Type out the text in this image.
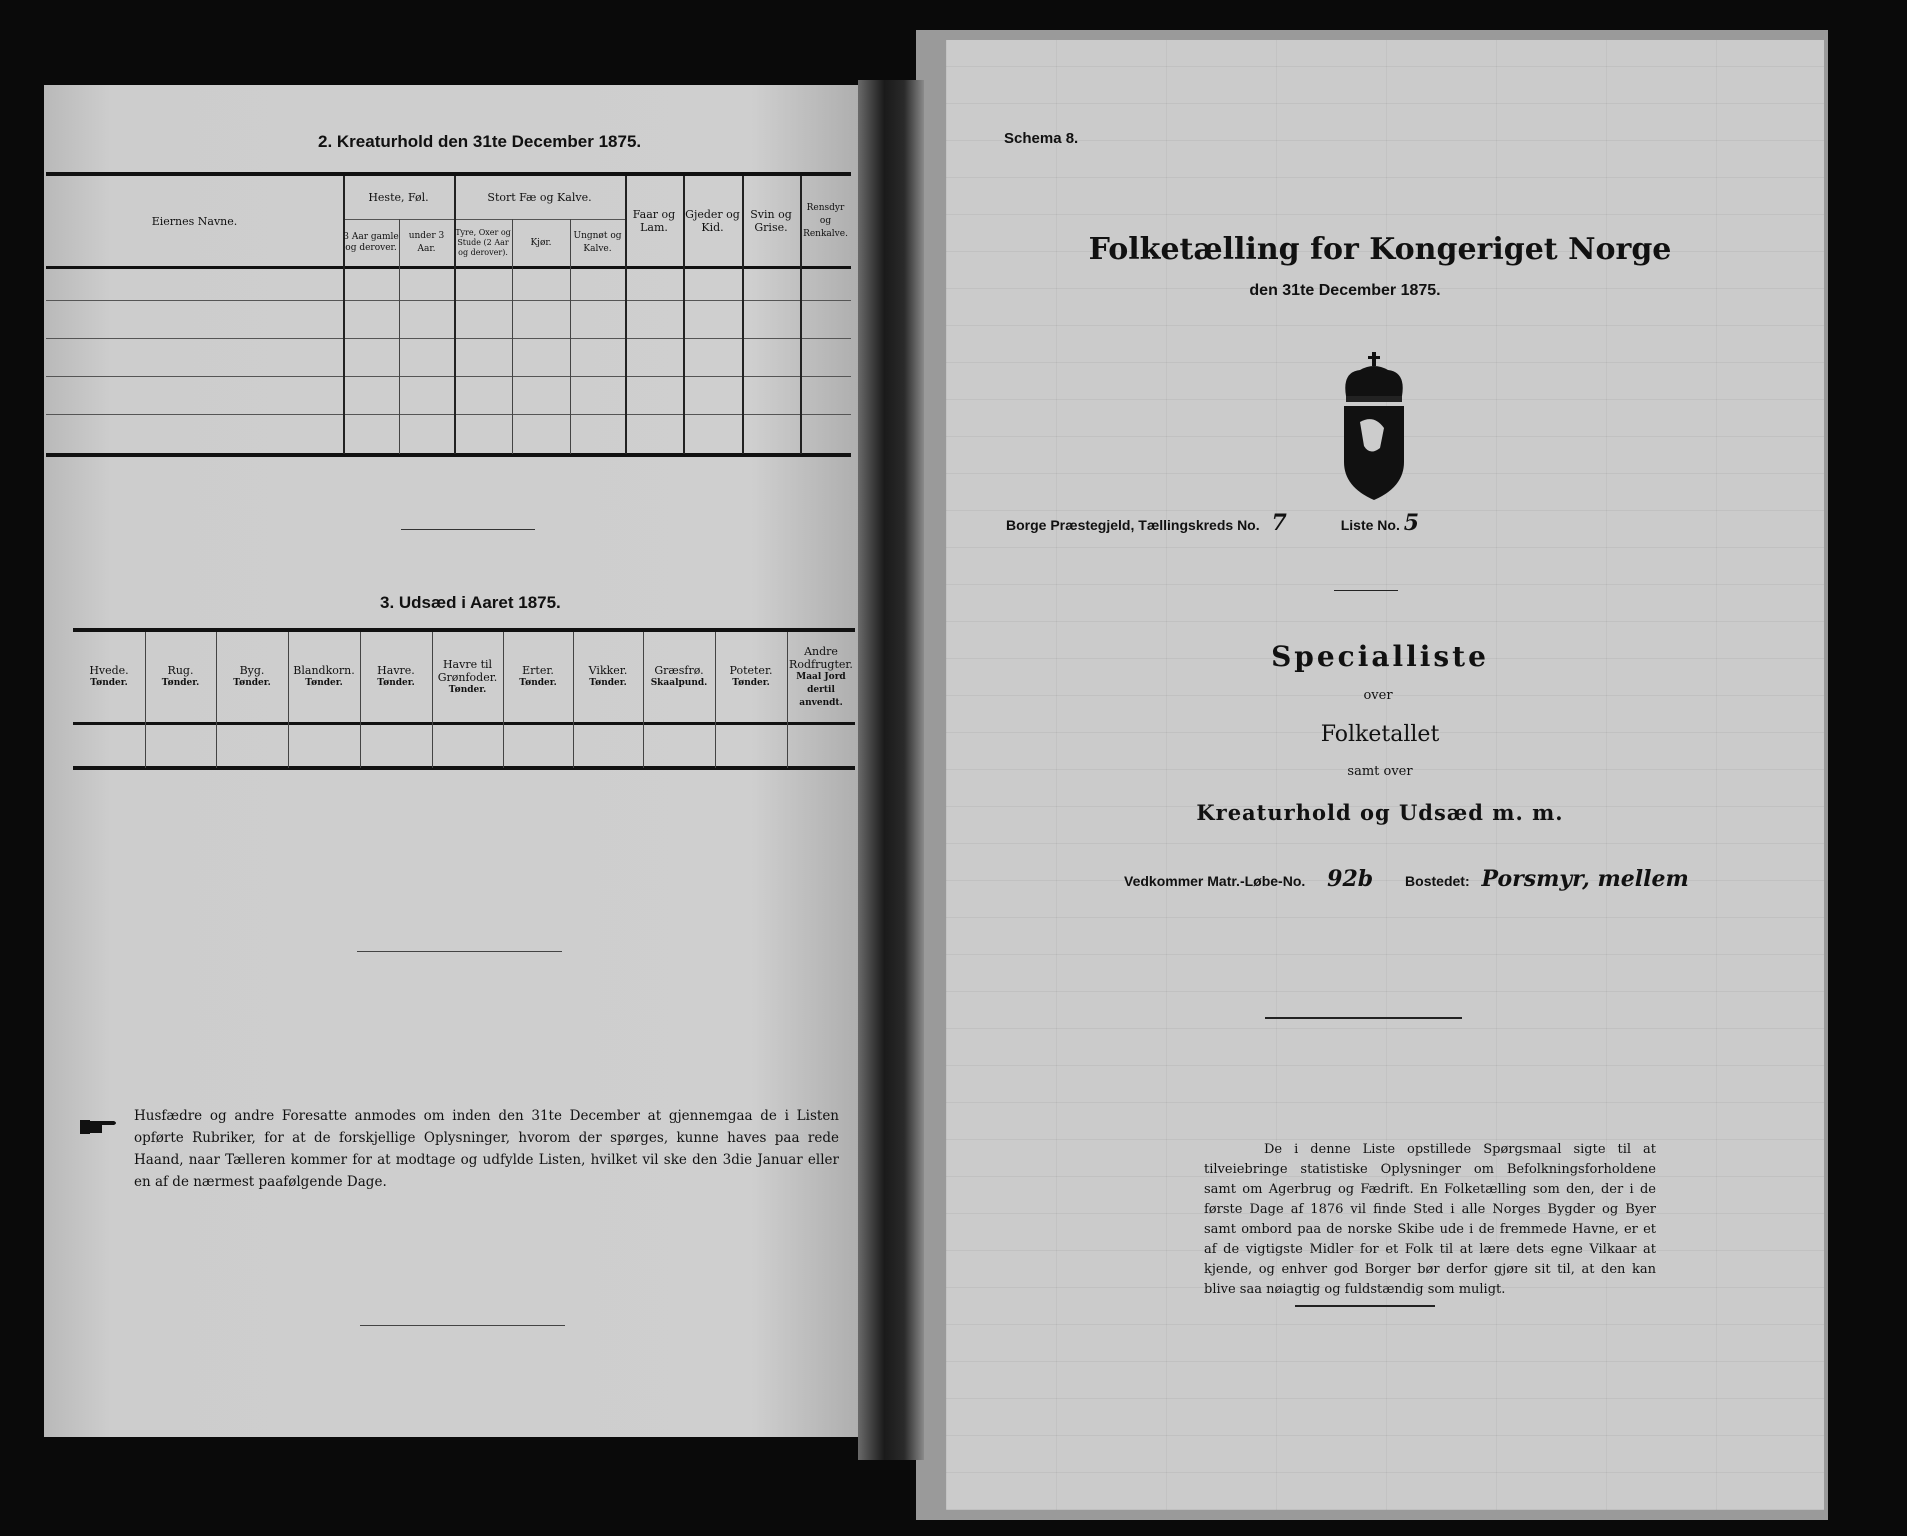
2. Kreaturhold den 31te December 1875.
Eiernes Navne.
Heste, Føl.
3 Aar gamle og derover.
under 3 Aar.
Stort Fæ og Kalve.
Tyre, Oxer og Stude (2 Aar og derover).
Kjør.
Ungnøt og Kalve.
Faar og Lam.
Gjeder og Kid.
Svin og Grise.
Rensdyr og Renkalve.
3. Udsæd i Aaret 1875.
Hvede.
Tønder.
Rug.
Tønder.
Byg.
Tønder.
Blandkorn.
Tønder.
Havre.
Tønder.
Havre til Grønfoder.
Tønder.
Erter.
Tønder.
Vikker.
Tønder.
Græsfrø.
Skaalpund.
Poteter.
Tønder.
Andre Rodfrugter.
Maal Jord dertil anvendt.
Husfædre og andre Foresatte anmodes om inden den 31te December at gjennemgaa de i Listen opførte Rubriker, for at de forskjellige Oplysninger, hvorom der spørges, kunne haves paa rede Haand, naar Tælleren kommer for at modtage og udfylde Listen, hvilket vil ske den 3die Januar eller en af de nærmest paafølgende Dage.
Schema 8.
Folketælling for Kongeriget Norge
den 31te December 1875.
Borge Præstegjeld, Tællingskreds No. 7	Liste No. 5
Specialliste
over
Folketallet
samt over
Kreaturhold og Udsæd m. m.
Vedkommer Matr.-Løbe-No. 92b Bostedet: Porsmyr, mellem
De i denne Liste opstillede Spørgsmaal sigte til at tilveiebringe statistiske Oplysninger om Befolkningsforholdene samt om Agerbrug og Fædrift. En Folketælling som den, der i de første Dage af 1876 vil finde Sted i alle Norges Bygder og Byer samt ombord paa de norske Skibe ude i de fremmede Havne, er et af de vigtigste Midler for et Folk til at lære dets egne Vilkaar at kjende, og enhver god Borger bør derfor gjøre sit til, at den kan blive saa nøiagtig og fuldstændig som muligt.
